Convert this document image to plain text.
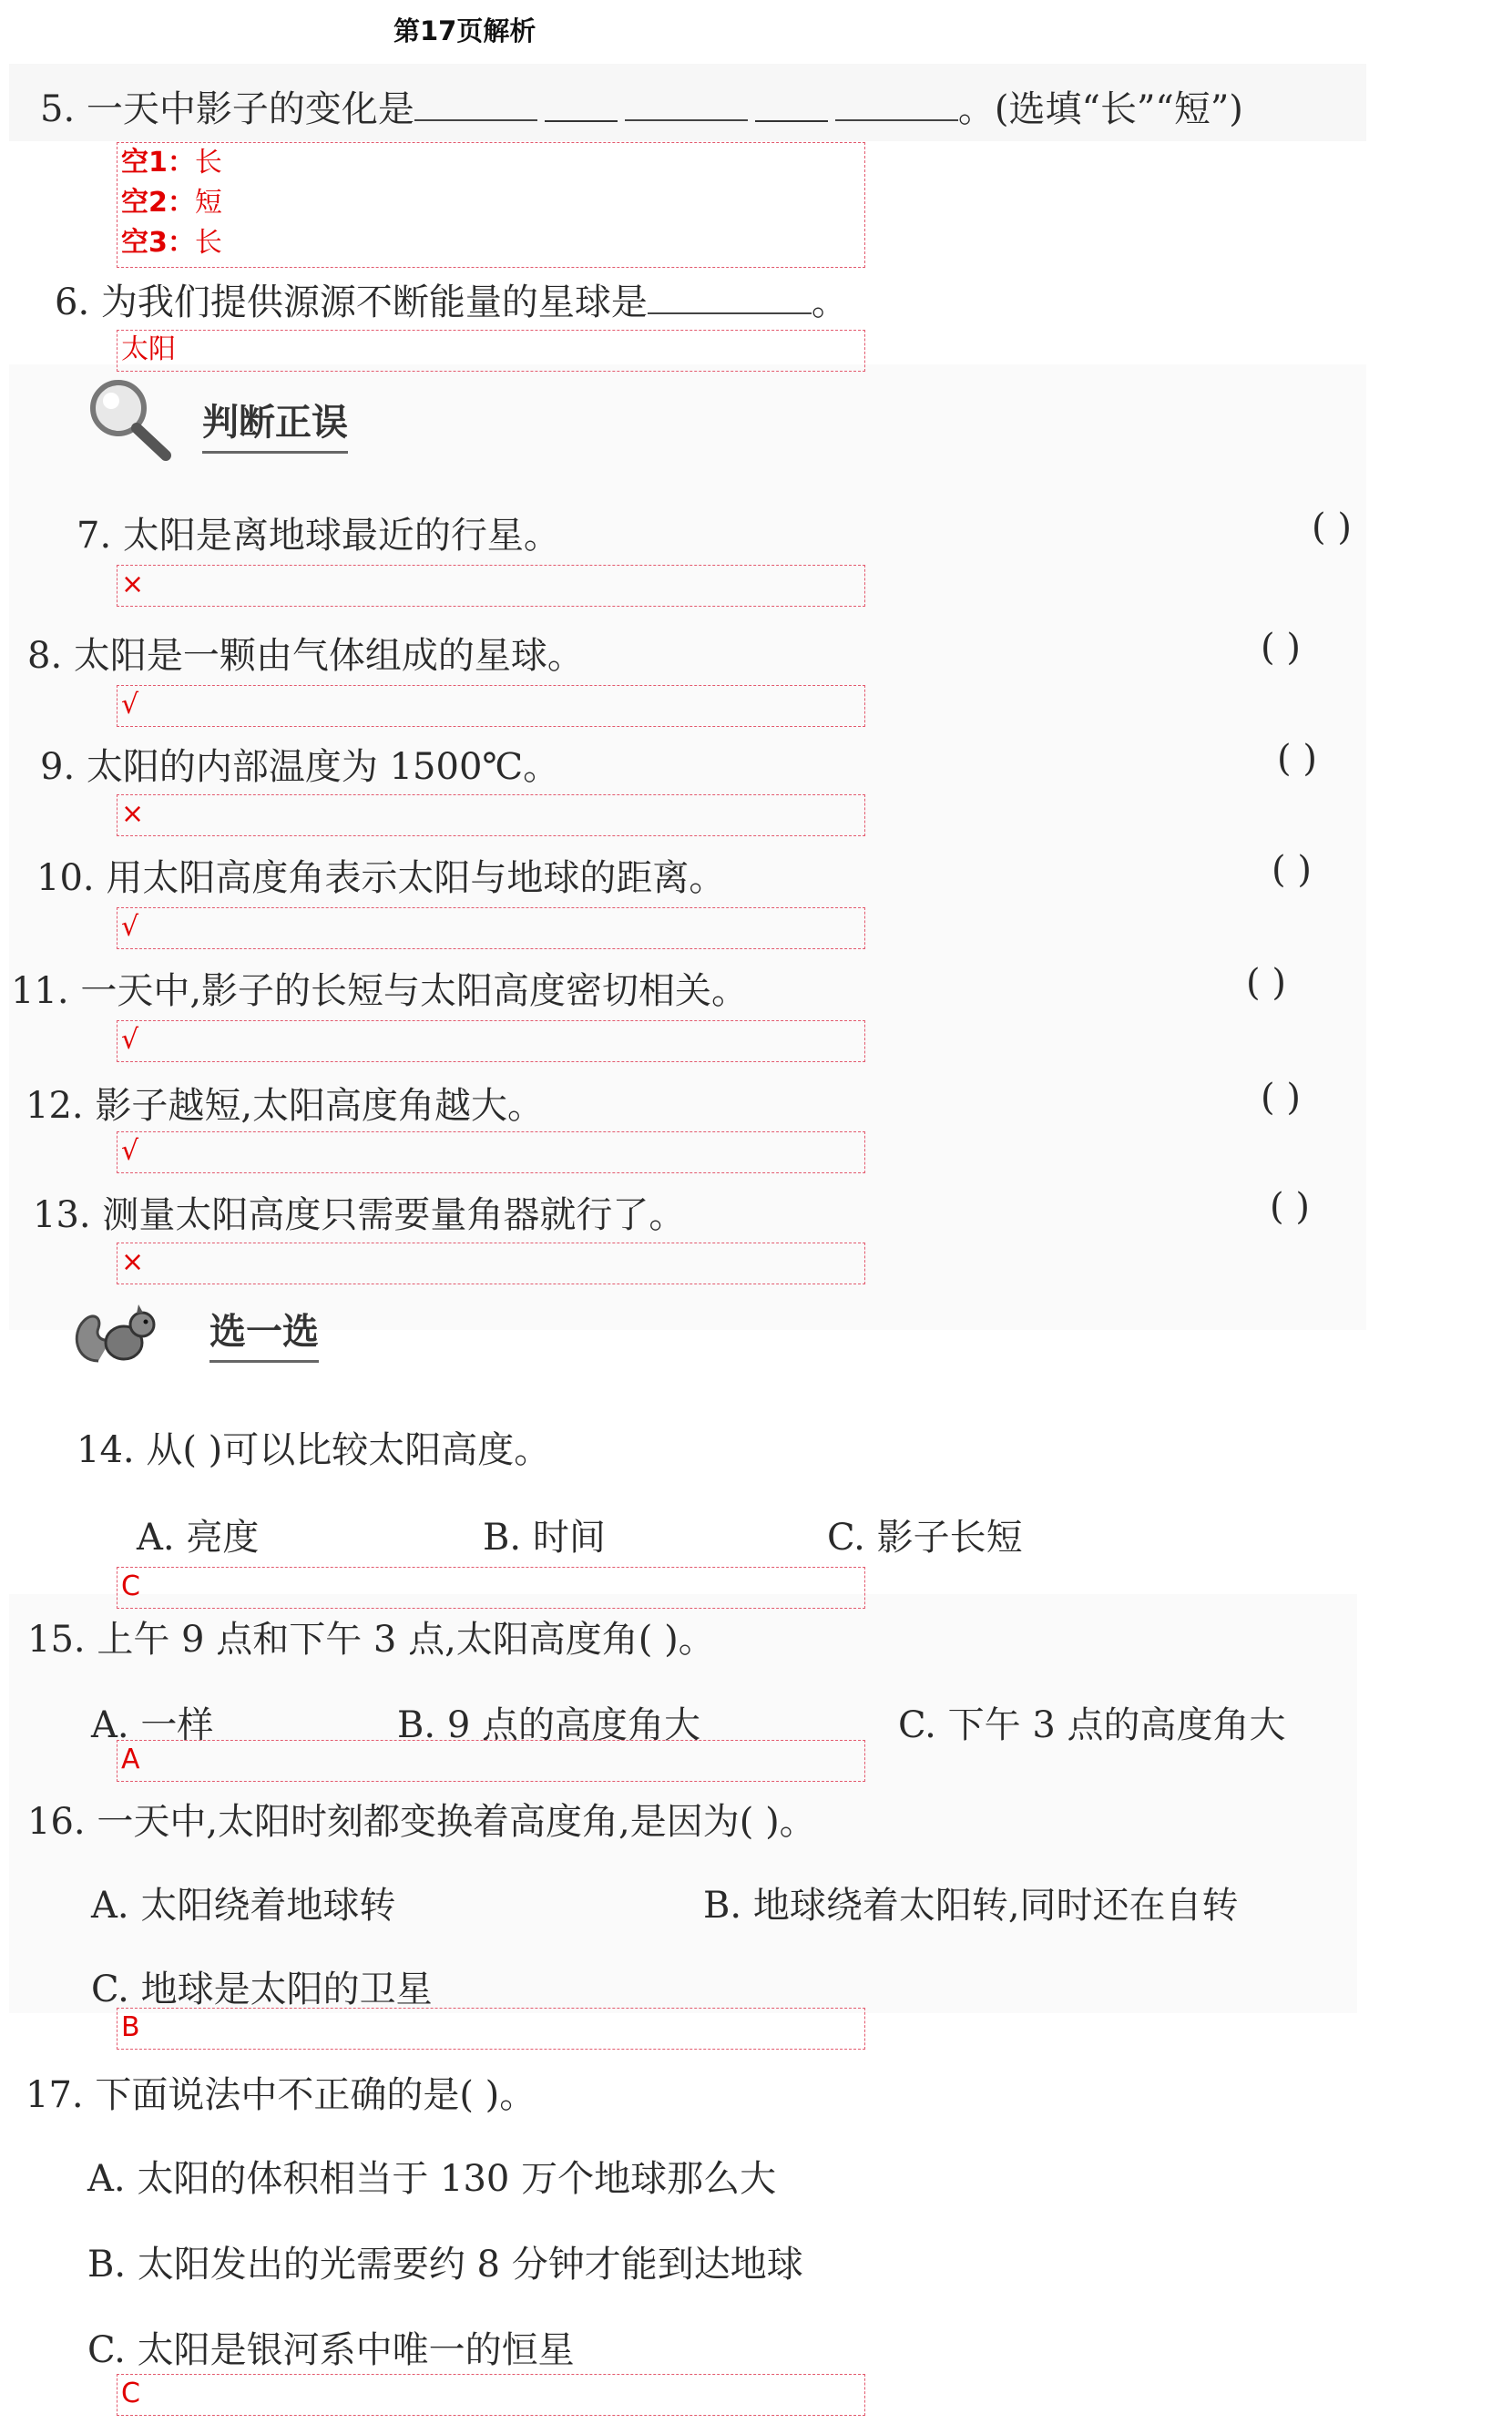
第17页解析
5. 一天中影子的变化是	。(选填“长”“短”)
空1：长
空2：短
空3：长
6. 为我们提供源源不断能量的星球是	。
太阳
判断正误
7. 太阳是离地球最近的行星。	( )
×
8. 太阳是一颗由气体组成的星球。	( )
√
9. 太阳的内部温度为 1500℃。	( )
×
10. 用太阳高度角表示太阳与地球的距离。	( )
√
11. 一天中,影子的长短与太阳高度密切相关。	( )
√
12. 影子越短,太阳高度角越大。	( )
√
13. 测量太阳高度只需要量角器就行了。	( )
×
选一选
14. 从( )可以比较太阳高度。
A. 亮度	B. 时间	C. 影子长短
C
15. 上午 9 点和下午 3 点,太阳高度角( )。
A. 一样	B. 9 点的高度角大	C. 下午 3 点的高度角大
A
16. 一天中,太阳时刻都变换着高度角,是因为( )。
A. 太阳绕着地球转	B. 地球绕着太阳转,同时还在自转
C. 地球是太阳的卫星
B
17. 下面说法中不正确的是( )。
A. 太阳的体积相当于 130 万个地球那么大
B. 太阳发出的光需要约 8 分钟才能到达地球
C. 太阳是银河系中唯一的恒星
C
